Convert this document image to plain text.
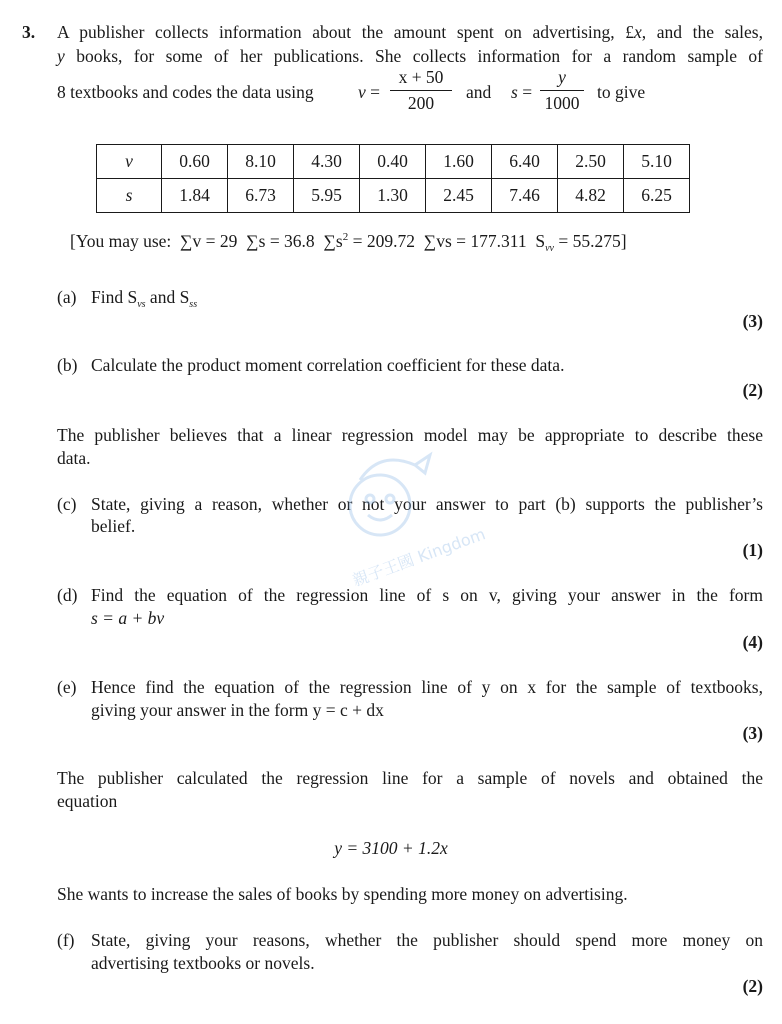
3. A publisher collects information about the amount spent on advertising, £x, and the sales,
y books, for some of her publications. She collects information for a random sample of
8 textbooks and codes the data using	v =
x + 50
200
and s =
y
1000
to give
v	0.60	8.10	4.30	0.40	1.60	6.40	2.50	5.10
s	1.84	6.73	5.95	1.30	2.45	7.46	4.82	6.25
[You may use: ∑v = 29 ∑s = 36.8 $\sum s^2 = 209.72$ ∑vs = 177.311 $S_{vv} = 55.275$]
(a) Find $S_{vs}$ and $S_{ss}$
(3)
(b) Calculate the product moment correlation coefficient for these data.
(2)
The publisher believes that a linear regression model may be appropriate to describe these
data.
(c) State, giving a reason, whether or not your answer to part (b) supports the publisher’s
belief.
(1)
(d) Find the equation of the regression line of s on v, giving your answer in the form
s = a + bv
(4)
(e) Hence find the equation of the regression line of y on x for the sample of textbooks,
giving your answer in the form y = c + dx
(3)
The publisher calculated the regression line for a sample of novels and obtained the
equation
y = 3100 + 1.2x
She wants to increase the sales of books by spending more money on advertising.
(f) State, giving your reasons, whether the publisher should spend more money on
advertising textbooks or novels.
(2)
親子王國 Kingdom
